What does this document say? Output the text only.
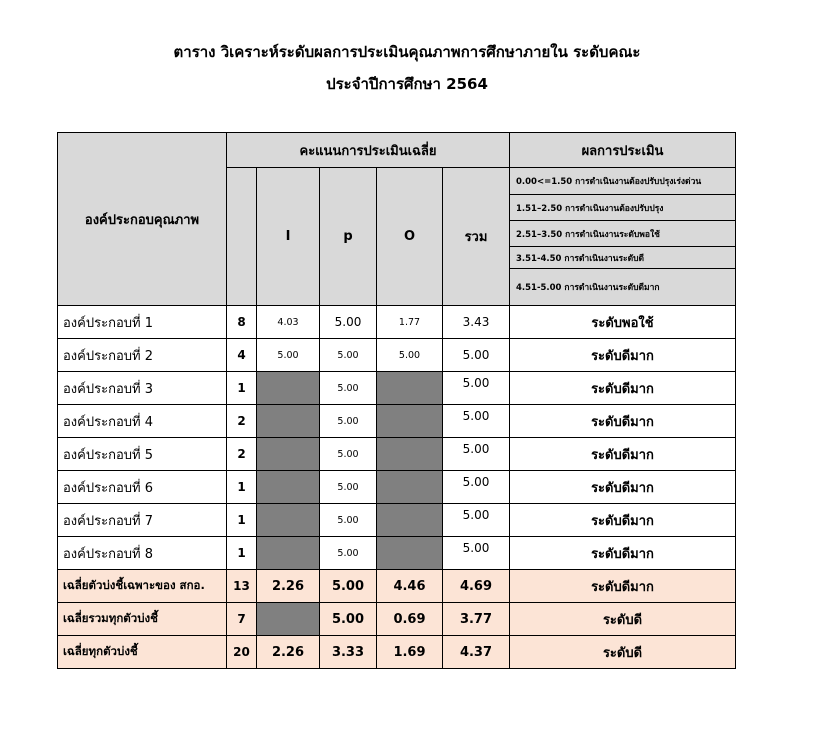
ตาราง วิเคราะห์ระดับผลการประเมินคุณภาพการศึกษาภายใน ระดับคณะ
ประจำปีการศึกษา 2564
องค์ประกอบคุณภาพ	คะแนนการประเมินเฉลี่ย					ผลการประเมิน
		I	p	O	รวม	0.00<=1.50 การดำเนินงานต้องปรับปรุงเร่งด่วน
						1.51–2.50 การดำเนินงานต้องปรับปรุง
						2.51–3.50 การดำเนินงานระดับพอใช้
						3.51-4.50 การดำเนินงานระดับดี
						4.51-5.00 การดำเนินงานระดับดีมาก
องค์ประกอบที่ 1	8	4.03	5.00	1.77	3.43	ระดับพอใช้
องค์ประกอบที่ 2	4	5.00	5.00	5.00	5.00	ระดับดีมาก
องค์ประกอบที่ 3	1		5.00		5.00	ระดับดีมาก
องค์ประกอบที่ 4	2		5.00		5.00	ระดับดีมาก
องค์ประกอบที่ 5	2		5.00		5.00	ระดับดีมาก
องค์ประกอบที่ 6	1		5.00		5.00	ระดับดีมาก
องค์ประกอบที่ 7	1		5.00		5.00	ระดับดีมาก
องค์ประกอบที่ 8	1		5.00		5.00	ระดับดีมาก
เฉลี่ยตัวบ่งชี้เฉพาะของ สกอ.	13	2.26	5.00	4.46	4.69	ระดับดีมาก
เฉลี่ยรวมทุกตัวบ่งชี้	7		5.00	0.69	3.77	ระดับดี
เฉลี่ยทุกตัวบ่งชี้	20	2.26	3.33	1.69	4.37	ระดับดี
